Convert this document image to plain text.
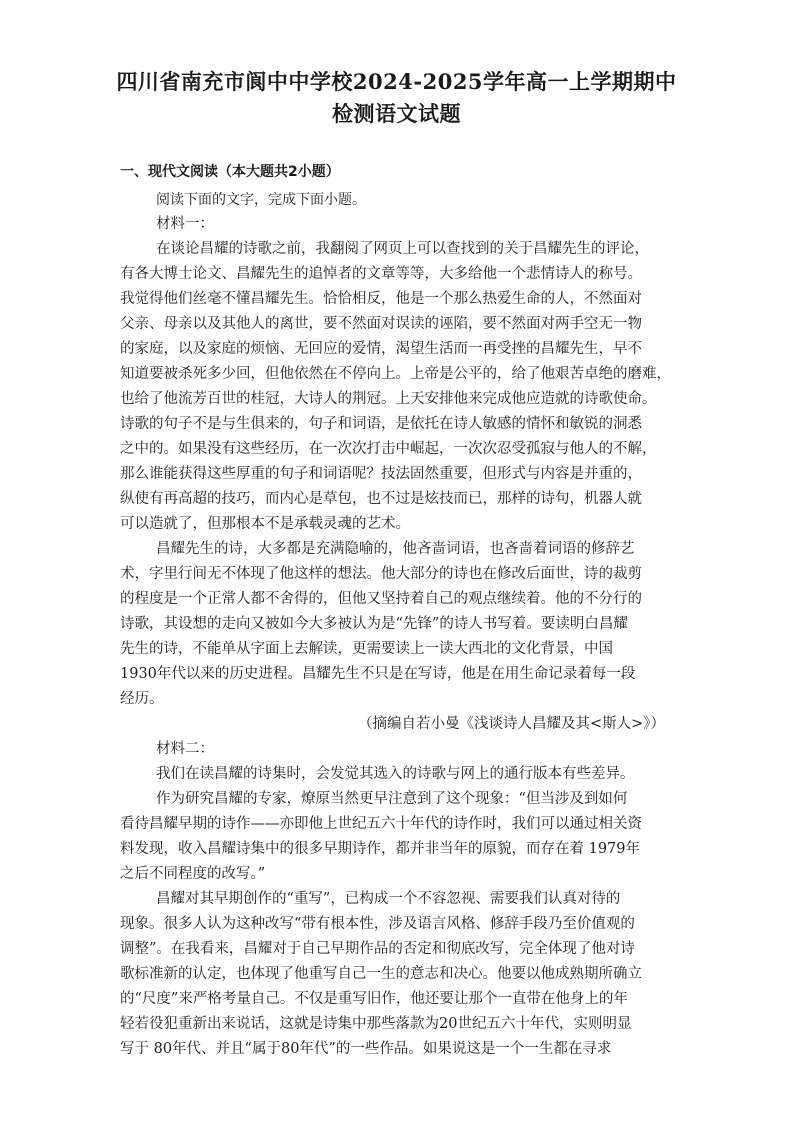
四川省南充市阆中中学校2024-2025学年高一上学期期中
检测语文试题
一、现代文阅读（本大题共2小题）
阅读下面的文字，完成下面小题。
材料一：
在谈论昌耀的诗歌之前，我翻阅了网页上可以查找到的关于昌耀先生的评论，
有各大博士论文、昌耀先生的追悼者的文章等等，大多给他一个悲情诗人的称号。
我觉得他们丝毫不懂昌耀先生。恰恰相反，他是一个那么热爱生命的人，不然面对
父亲、母亲以及其他人的离世，要不然面对误读的诬陷，要不然面对两手空无一物
的家庭，以及家庭的烦恼、无回应的爱情，渴望生活而一再受挫的昌耀先生，早不
知道要被杀死多少回，但他依然在不停向上。上帝是公平的，给了他艰苦卓绝的磨难，
也给了他流芳百世的桂冠，大诗人的荆冠。上天安排他来完成他应造就的诗歌使命。
诗歌的句子不是与生俱来的，句子和词语，是依托在诗人敏感的情怀和敏锐的洞悉
之中的。如果没有这些经历，在一次次打击中崛起，一次次忍受孤寂与他人的不解，
那么谁能获得这些厚重的句子和词语呢？技法固然重要，但形式与内容是并重的，
纵使有再高超的技巧，而内心是草包，也不过是炫技而已，那样的诗句，机器人就
可以造就了，但那根本不是承载灵魂的艺术。
昌耀先生的诗，大多都是充满隐喻的，他吝啬词语，也吝啬着词语的修辞艺
术，字里行间无不体现了他这样的想法。他大部分的诗也在修改后面世，诗的裁剪
的程度是一个正常人都不舍得的，但他又坚持着自己的观点继续着。他的不分行的
诗歌，其设想的走向又被如今大多被认为是“先锋”的诗人书写着。要读明白昌耀
先生的诗，不能单从字面上去解读，更需要读上一读大西北的文化背景，中国
1930年代以来的历史进程。昌耀先生不只是在写诗，他是在用生命记录着每一段
经历。
（摘编自若小曼《浅谈诗人昌耀及其<斯人>》）
材料二：
我们在读昌耀的诗集时，会发觉其选入的诗歌与网上的通行版本有些差异。
作为研究昌耀的专家，燎原当然更早注意到了这个现象：“但当涉及到如何
看待昌耀早期的诗作——亦即他上世纪五六十年代的诗作时，我们可以通过相关资
料发现，收入昌耀诗集中的很多早期诗作，都并非当年的原貌，而存在着 1979年
之后不同程度的改写。”
昌耀对其早期创作的“重写”，已构成一个不容忽视、需要我们认真对待的
现象。很多人认为这种改写“带有根本性，涉及语言风格、修辞手段乃至价值观的
调整”。在我看来，昌耀对于自己早期作品的否定和彻底改写，完全体现了他对诗
歌标准新的认定，也体现了他重写自己一生的意志和决心。他要以他成熟期所确立
的“尺度”来严格考量自己。不仅是重写旧作，他还要让那个一直带在他身上的年
轻若役犯重新出来说话，这就是诗集中那些落款为20世纪五六十年代，实则明显
写于 80年代、并且“属于80年代”的一些作品。如果说这是一个一生都在寻求
